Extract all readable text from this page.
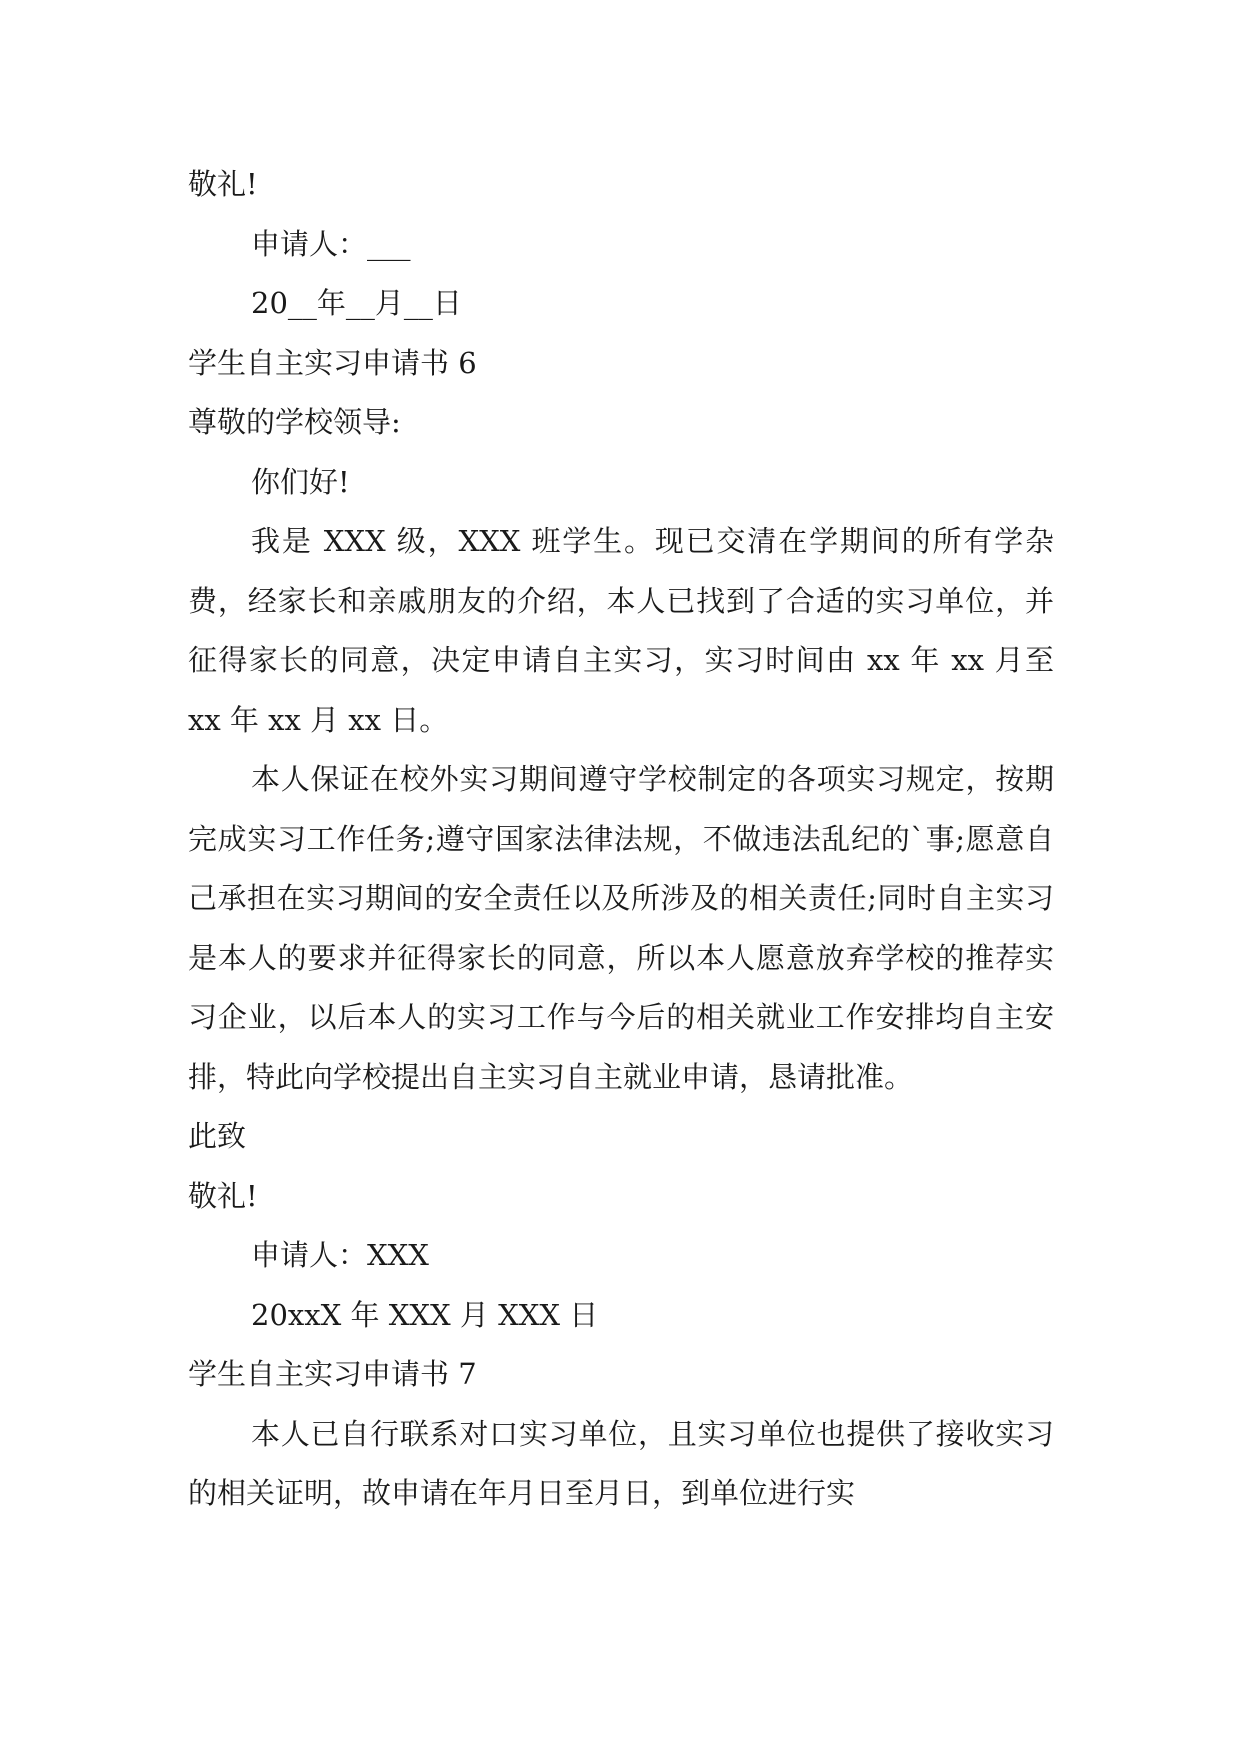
敬礼!

申请人：___

20__年__月__日

学生自主实习申请书 6

尊敬的学校领导:

你们好!

我是 XXX 级，XXX 班学生。现已交清在学期间的所有学杂费，经家长和亲戚朋友的介绍，本人已找到了合适的实习单位，并征得家长的同意，决定申请自主实习，实习时间由 xx 年 xx 月至 xx 年 xx 月 xx 日。

本人保证在校外实习期间遵守学校制定的各项实习规定，按期完成实习工作任务;遵守国家法律法规，不做违法乱纪的`事;愿意自己承担在实习期间的安全责任以及所涉及的相关责任;同时自主实习是本人的要求并征得家长的同意，所以本人愿意放弃学校的推荐实习企业，以后本人的实习工作与今后的相关就业工作安排均自主安排，特此向学校提出自主实习自主就业申请，恳请批准。

此致

敬礼!

申请人：XXX

20xxX 年 XXX 月 XXX 日

学生自主实习申请书 7

本人已自行联系对口实习单位，且实习单位也提供了接收实习的相关证明，故申请在年月日至月日，到单位进行实
